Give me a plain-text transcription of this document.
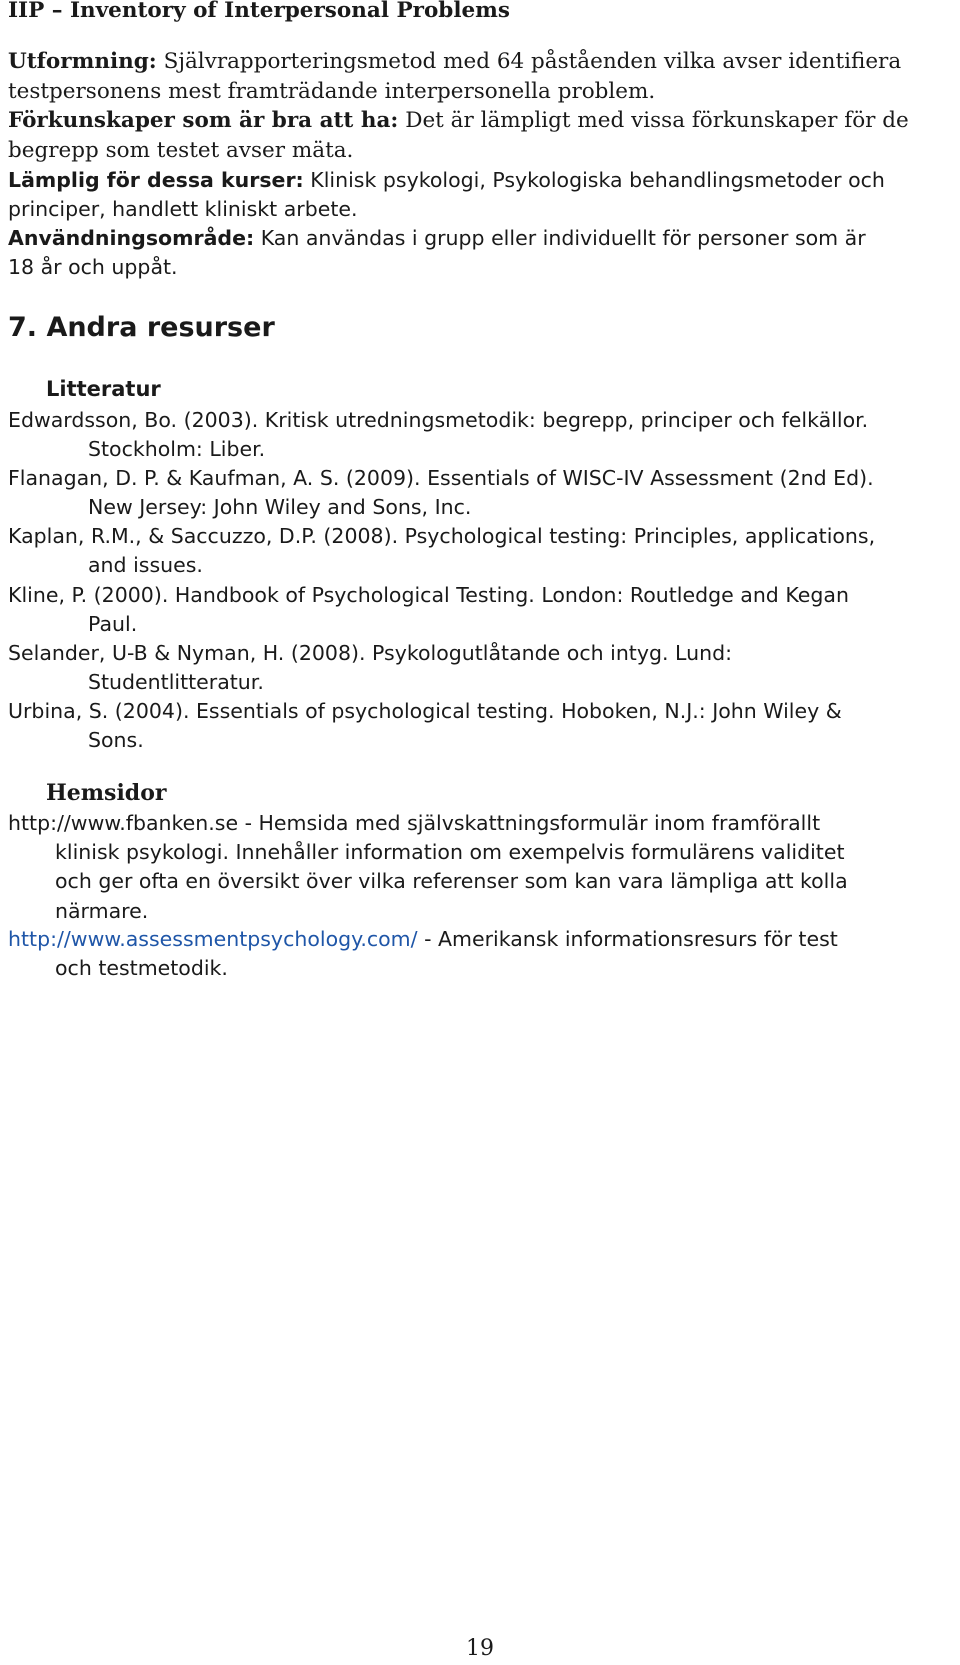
IIP – Inventory of Interpersonal Problems
Utformning: Självrapporteringsmetod med 64 påståenden vilka avser identifiera
testpersonens mest framträdande interpersonella problem.
Förkunskaper som är bra att ha: Det är lämpligt med vissa förkunskaper för de
begrepp som testet avser mäta.
Lämplig för dessa kurser: Klinisk psykologi, Psykologiska behandlingsmetoder och
principer, handlett kliniskt arbete.
Användningsområde: Kan användas i grupp eller individuellt för personer som är
18 år och uppåt.
7. Andra resurser
Litteratur
Edwardsson, Bo. (2003). Kritisk utredningsmetodik: begrepp, principer och felkällor.
Stockholm: Liber.
Flanagan, D. P. & Kaufman, A. S. (2009). Essentials of WISC-IV Assessment (2nd Ed).
New Jersey: John Wiley and Sons, Inc.
Kaplan, R.M., & Saccuzzo, D.P. (2008). Psychological testing: Principles, applications,
and issues.
Kline, P. (2000). Handbook of Psychological Testing. London: Routledge and Kegan
Paul.
Selander, U-B & Nyman, H. (2008). Psykologutlåtande och intyg. Lund:
Studentlitteratur.
Urbina, S. (2004). Essentials of psychological testing. Hoboken, N.J.: John Wiley &
Sons.
Hemsidor
http://www.fbanken.se - Hemsida med självskattningsformulär inom framförallt
klinisk psykologi. Innehåller information om exempelvis formulärens validitet
och ger ofta en översikt över vilka referenser som kan vara lämpliga att kolla
närmare.
http://www.assessmentpsychology.com/ - Amerikansk informationsresurs för test
och testmetodik.
19
